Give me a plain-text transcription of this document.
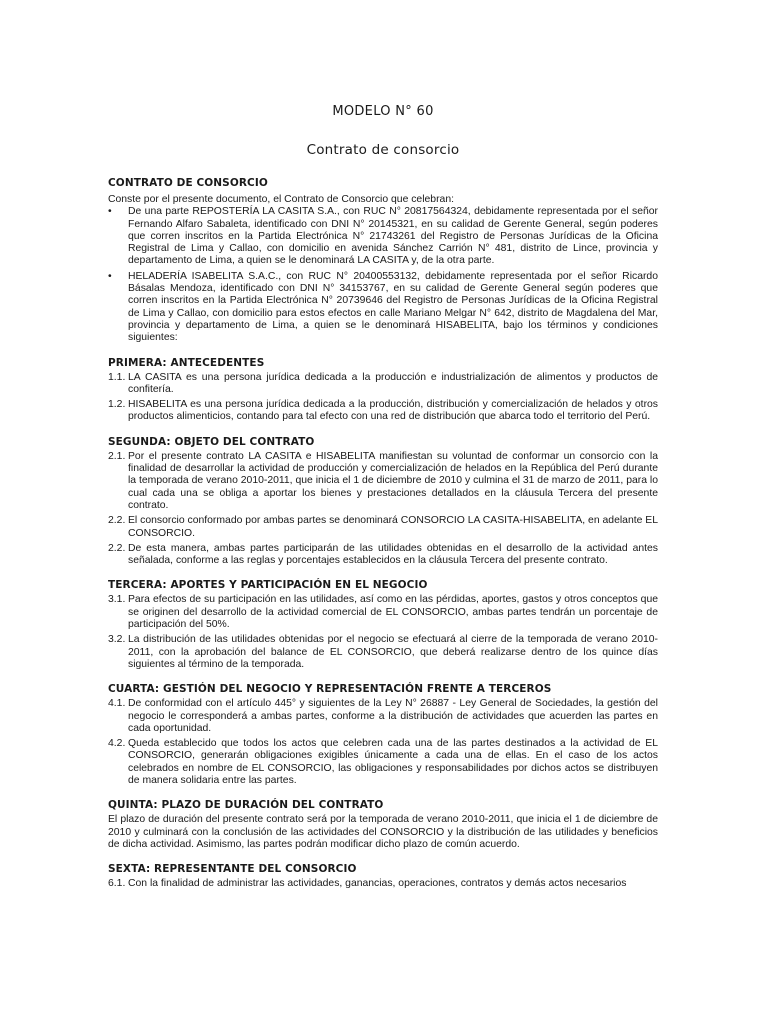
MODELO N° 60
Contrato de consorcio
CONTRATO DE CONSORCIO

Conste por el presente documento, el Contrato de Consorcio que celebran:

•	De una parte REPOSTERÍA LA CASITA S.A., con RUC N° 20817564324, debidamente representada por el señor Fernando Alfaro Sabaleta, identificado con DNI N° 20145321, en su calidad de Gerente General, según poderes que corren inscritos en la Partida Electrónica N° 21743261 del Registro de Personas Jurídicas de la Oficina Registral de Lima y Callao, con domicilio en avenida Sánchez Carrión N° 481, distrito de Lince, provincia y departamento de Lima, a quien se le denominará LA CASITA y, de la otra parte.
•	HELADERÍA ISABELITA S.A.C., con RUC N° 20400553132, debidamente representada por el señor Ricardo Básalas Mendoza, identificado con DNI N° 34153767, en su calidad de Gerente General según poderes que corren inscritos en la Partida Electrónica N° 20739646 del Registro de Personas Jurídicas de la Oficina Registral de Lima y Callao, con domicilio para estos efectos en calle Mariano Melgar N° 642, distrito de Magdalena del Mar, provincia y departamento de Lima, a quien se le denominará HISABELITA, bajo los términos y condiciones siguientes:
PRIMERA: ANTECEDENTES
1.1. LA CASITA es una persona jurídica dedicada a la producción e industrialización de alimentos y productos de confitería.
1.2. HISABELITA es una persona jurídica dedicada a la producción, distribución y comercialización de helados y otros productos alimenticios, contando para tal efecto con una red de distribución que abarca todo el territorio del Perú.
SEGUNDA: OBJETO DEL CONTRATO
2.1. Por el presente contrato LA CASITA e HISABELITA manifiestan su voluntad de conformar un consorcio con la finalidad de desarrollar la actividad de producción y comercialización de helados en la República del Perú durante la temporada de verano 2010-2011, que inicia el 1 de diciembre de 2010 y culmina el 31 de marzo de 2011, para lo cual cada una se obliga a aportar los bienes y prestaciones detallados en la cláusula Tercera del presente contrato.
2.2. El consorcio conformado por ambas partes se denominará CONSORCIO LA CASITA-HISABELITA, en adelante EL CONSORCIO.
2.2. De esta manera, ambas partes participarán de las utilidades obtenidas en el desarrollo de la actividad antes señalada, conforme a las reglas y porcentajes establecidos en la cláusula Tercera del presente contrato.
TERCERA: APORTES Y PARTICIPACIÓN EN EL NEGOCIO
3.1. Para efectos de su participación en las utilidades, así como en las pérdidas, aportes, gastos y otros conceptos que se originen del desarrollo de la actividad comercial de EL CONSORCIO, ambas partes tendrán un porcentaje de participación del 50%.
3.2. La distribución de las utilidades obtenidas por el negocio se efectuará al cierre de la temporada de verano 2010-2011, con la aprobación del balance de EL CONSORCIO, que deberá realizarse dentro de los quince días siguientes al término de la temporada.
CUARTA: GESTIÓN DEL NEGOCIO Y REPRESENTACIÓN FRENTE A TERCEROS
4.1. De conformidad con el artículo 445° y siguientes de la Ley N° 26887 - Ley General de Sociedades, la gestión del negocio le corresponderá a ambas partes, conforme a la distribución de actividades que acuerden las partes en cada oportunidad.
4.2. Queda establecido que todos los actos que celebren cada una de las partes destinados a la actividad de EL CONSORCIO, generarán obligaciones exigibles únicamente a cada una de ellas. En el caso de los actos celebrados en nombre de EL CONSORCIO, las obligaciones y responsabilidades por dichos actos se distribuyen de manera solidaria entre las partes.
QUINTA: PLAZO DE DURACIÓN DEL CONTRATO

El plazo de duración del presente contrato será por la temporada de verano 2010-2011, que inicia el 1 de diciembre de 2010 y culminará con la conclusión de las actividades del CONSORCIO y la distribución de las utilidades y beneficios de dicha actividad. Asimismo, las partes podrán modificar dicho plazo de común acuerdo.

SEXTA: REPRESENTANTE DEL CONSORCIO
6.1. Con la finalidad de administrar las actividades, ganancias, operaciones, contratos y demás actos necesarios
